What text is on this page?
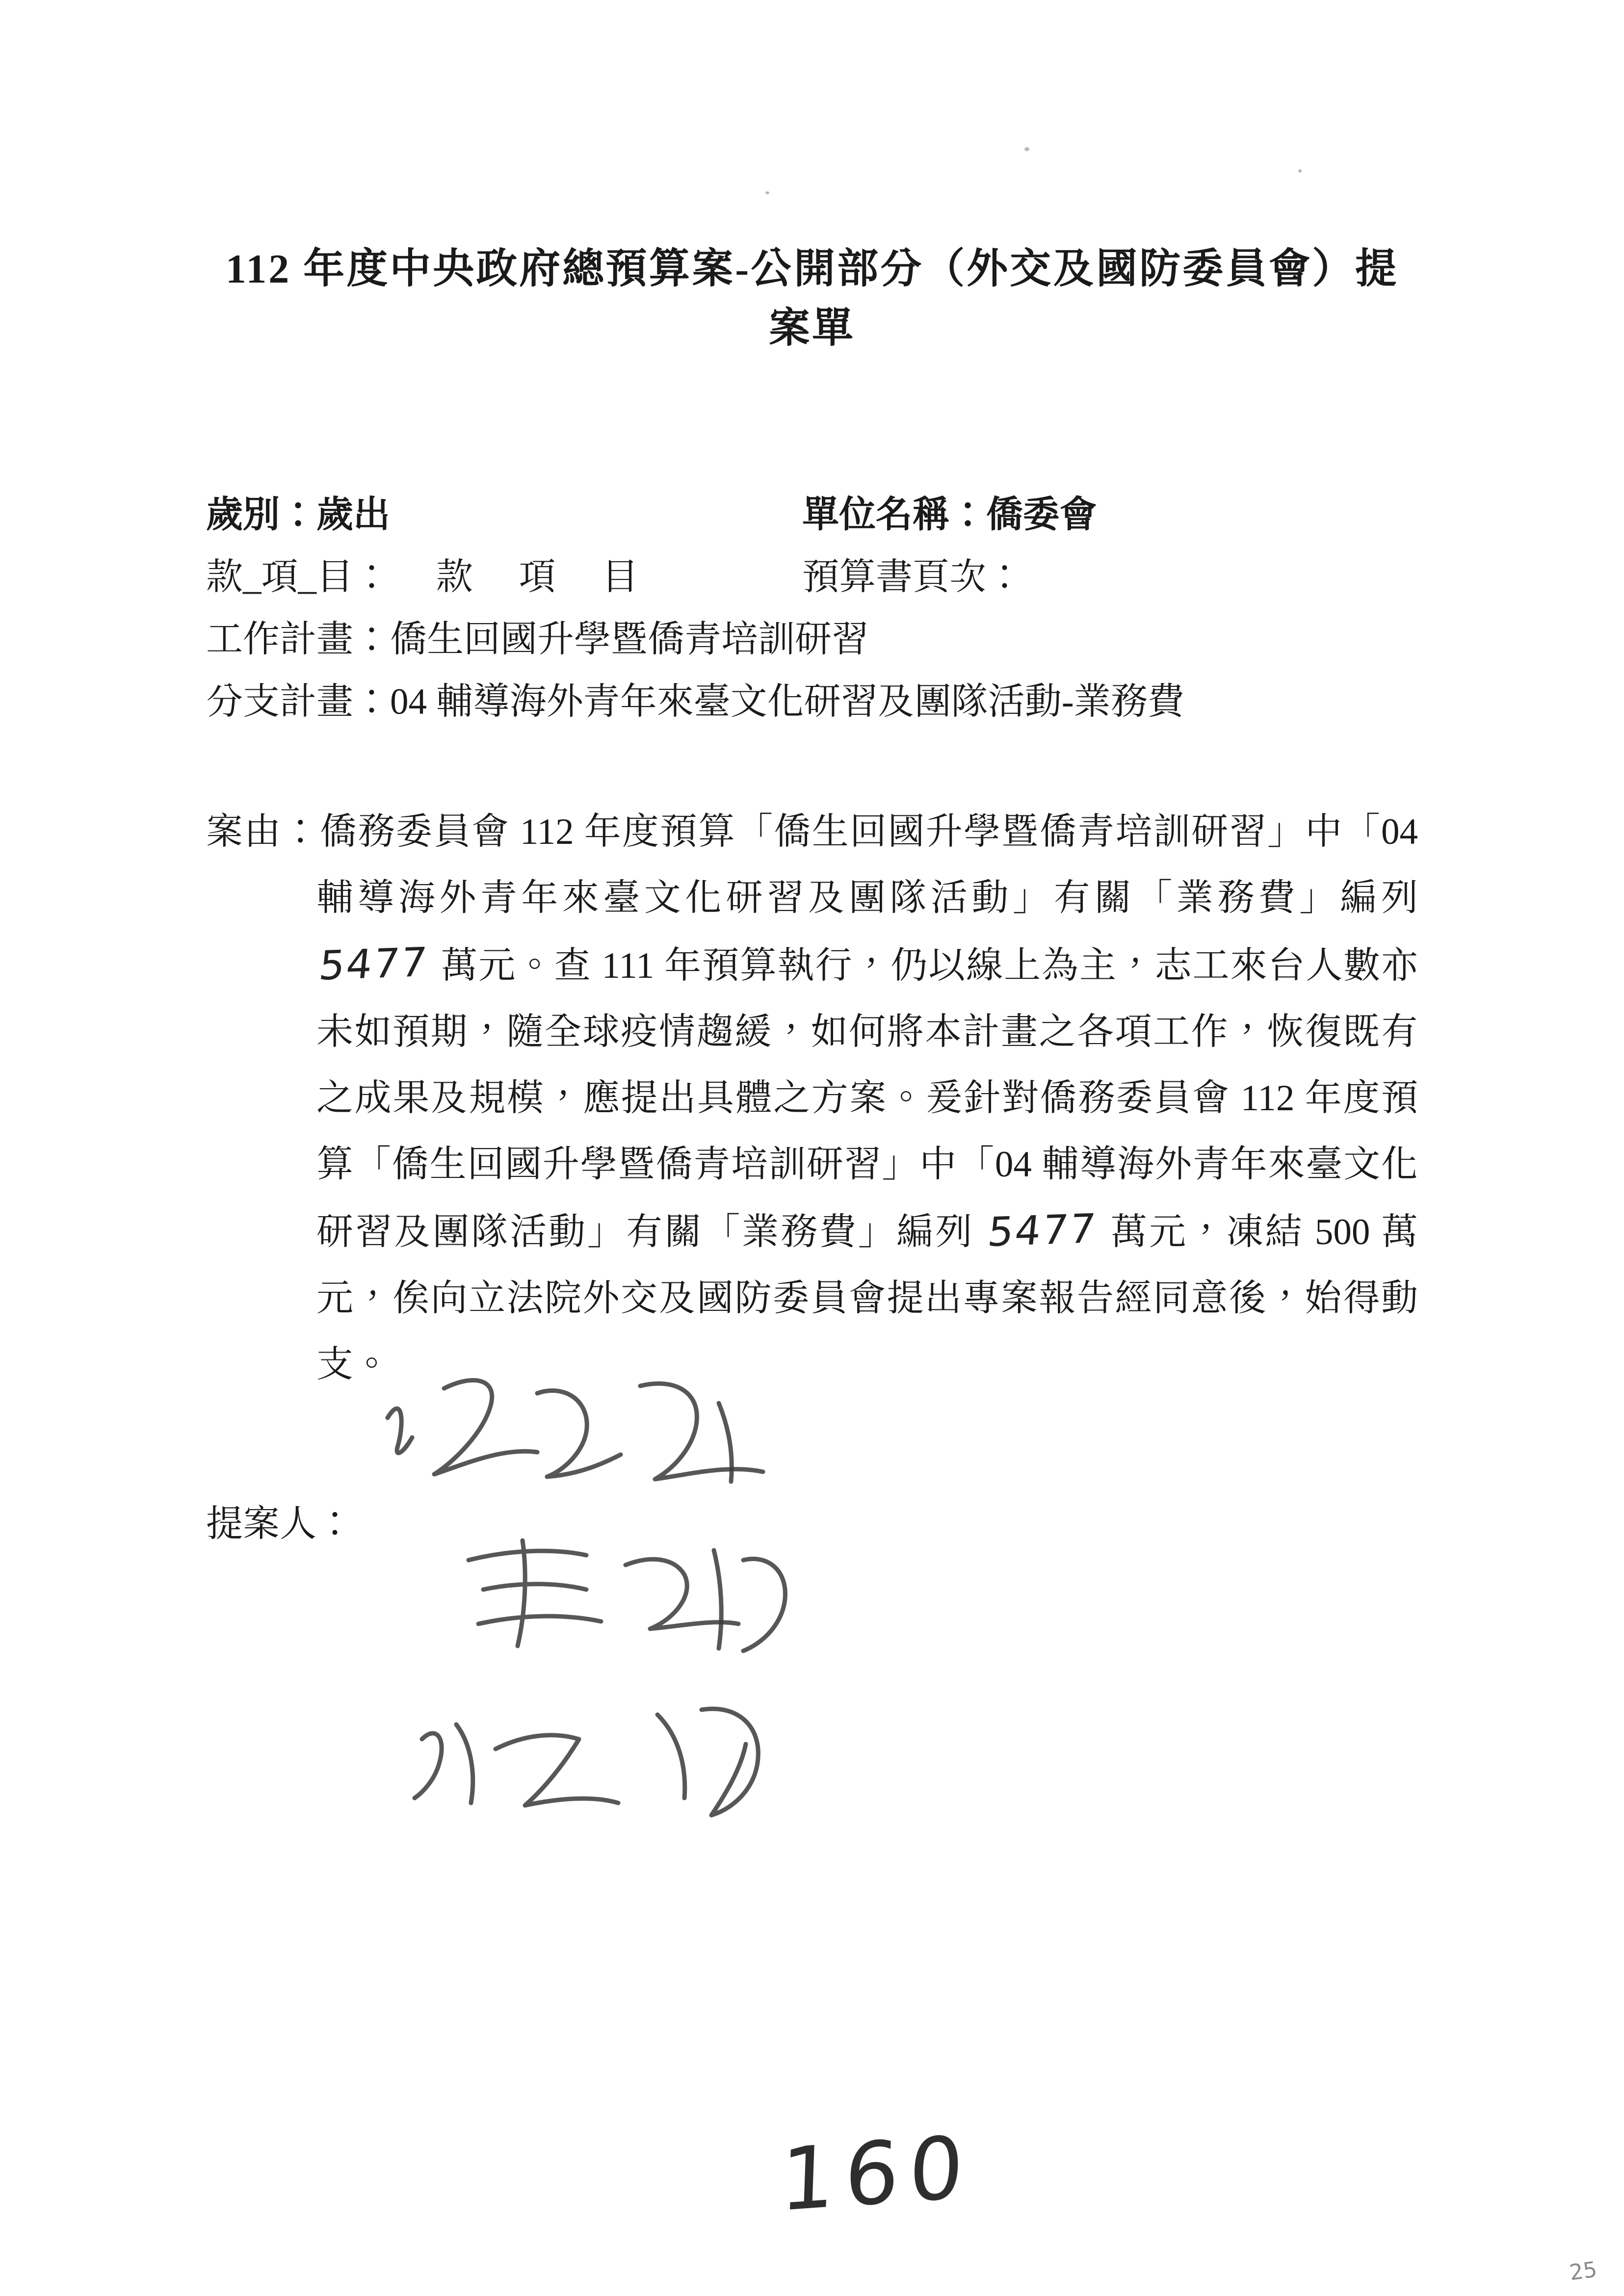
112 年度中央政府總預算案-公開部分（外交及國防委員會）提案單
歲別：歲出	單位名稱：僑委會
款_項_目：　 款　 項 　目	預算書頁次：
工作計畫：僑生回國升學暨僑青培訓研習
分支計畫：04 輔導海外青年來臺文化研習及團隊活動-業務費

案由：僑務委員會 112 年度預算「僑生回國升學暨僑青培訓研習」中「04 輔導海外青年來臺文化研習及團隊活動」有關「業務費」編列 5477 萬元。查 111 年預算執行，仍以線上為主，志工來台人數亦未如預期，隨全球疫情趨緩，如何將本計畫之各項工作，恢復既有之成果及規模，應提出具體之方案。爰針對僑務委員會 112 年度預算「僑生回國升學暨僑青培訓研習」中「04 輔導海外青年來臺文化研習及團隊活動」有關「業務費」編列 5477 萬元，凍結 500 萬元，俟向立法院外交及國防委員會提出專案報告經同意後，始得動支。

提案人：
160
25
